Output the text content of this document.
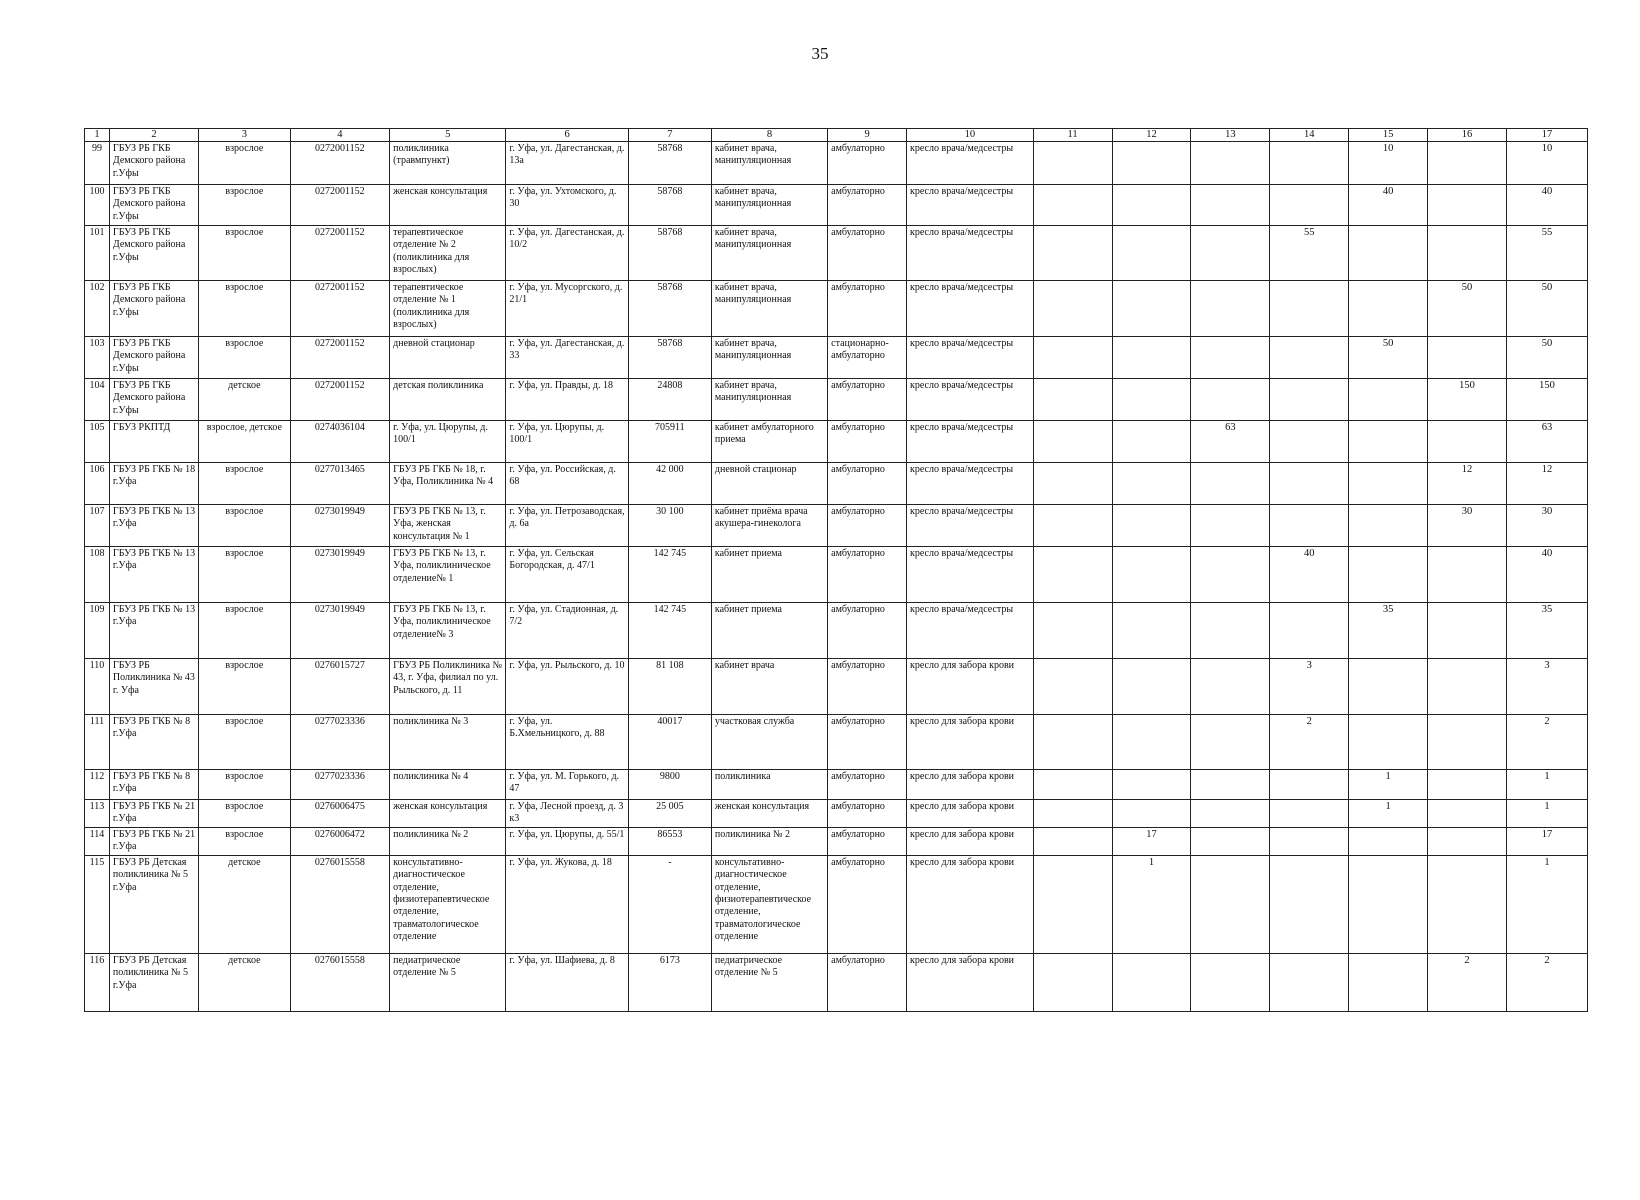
35
1	2	3	4	5	6	7	8	9	10	11	12	13	14	15	16	17
99	ГБУЗ РБ ГКБ Демского района г.Уфы	взрослое	0272001152	поликлиника (травмпункт)	г. Уфа, ул. Дагестанская, д. 13а	58768	кабинет врача, манипуляционная	амбулаторно	кресло врача/медсестры					10		10
100	ГБУЗ РБ ГКБ Демского района г.Уфы	взрослое	0272001152	женская консультация	г. Уфа, ул. Ухтомского, д. 30	58768	кабинет врача, манипуляционная	амбулаторно	кресло врача/медсестры					40		40
101	ГБУЗ РБ ГКБ Демского района г.Уфы	взрослое	0272001152	терапевтическое отделение № 2 (поликлиника для взрослых)	г. Уфа, ул. Дагестанская, д. 10/2	58768	кабинет врача, манипуляционная	амбулаторно	кресло врача/медсестры				55			55
102	ГБУЗ РБ ГКБ Демского района г.Уфы	взрослое	0272001152	терапевтическое отделение № 1 (поликлиника для взрослых)	г. Уфа, ул. Мусоргского, д. 21/1	58768	кабинет врача, манипуляционная	амбулаторно	кресло врача/медсестры						50	50
103	ГБУЗ РБ ГКБ Демского района г.Уфы	взрослое	0272001152	дневной стационар	г. Уфа, ул. Дагестанская, д. 33	58768	кабинет врача, манипуляционная	стационарно-амбулаторно	кресло врача/медсестры					50		50
104	ГБУЗ РБ ГКБ Демского района г.Уфы	детское	0272001152	детская поликлиника	г. Уфа, ул. Правды, д. 18	24808	кабинет врача, манипуляционная	амбулаторно	кресло врача/медсестры						150	150
105	ГБУЗ РКПТД	взрослое, детское	0274036104	г. Уфа, ул. Цюрупы, д. 100/1	г. Уфа, ул. Цюрупы, д. 100/1	705911	кабинет амбулаторного приема	амбулаторно	кресло врача/медсестры			63				63
106	ГБУЗ РБ ГКБ № 18 г.Уфа	взрослое	0277013465	ГБУЗ РБ ГКБ № 18, г. Уфа, Поликлиника № 4	г. Уфа, ул. Российская, д. 68	42 000	дневной стационар	амбулаторно	кресло врача/медсестры						12	12
107	ГБУЗ РБ ГКБ № 13 г.Уфа	взрослое	0273019949	ГБУЗ РБ ГКБ № 13, г. Уфа, женская консультация № 1	г. Уфа, ул. Петрозаводская, д. 6а	30 100	кабинет приёма врача акушера-гинеколога	амбулаторно	кресло врача/медсестры						30	30
108	ГБУЗ РБ ГКБ № 13 г.Уфа	взрослое	0273019949	ГБУЗ РБ ГКБ № 13, г. Уфа, поликлиническое отделение№ 1	г. Уфа, ул. Сельская Богородская, д. 47/1	142 745	кабинет приема	амбулаторно	кресло врача/медсестры				40			40
109	ГБУЗ РБ ГКБ № 13 г.Уфа	взрослое	0273019949	ГБУЗ РБ ГКБ № 13, г. Уфа, поликлиническое отделение№ 3	г. Уфа, ул. Стадионная, д. 7/2	142 745	кабинет приема	амбулаторно	кресло врача/медсестры					35		35
110	ГБУЗ РБ Поликлиника № 43 г. Уфа	взрослое	0276015727	ГБУЗ РБ Поликлиника № 43, г. Уфа, филиал по ул. Рыльского, д. 11	г. Уфа, ул. Рыльского, д. 10	81 108	кабинет врача	амбулаторно	кресло для забора крови				3			3
111	ГБУЗ РБ ГКБ № 8 г.Уфа	взрослое	0277023336	поликлиника № 3	г. Уфа, ул. Б.Хмельницкого, д. 88	40017	участковая служба	амбулаторно	кресло для забора крови				2			2
112	ГБУЗ РБ ГКБ № 8 г.Уфа	взрослое	0277023336	поликлиника № 4	г. Уфа, ул. М. Горького, д. 47	9800	поликлиника	амбулаторно	кресло для забора крови					1		1
113	ГБУЗ РБ ГКБ № 21 г.Уфа	взрослое	0276006475	женская консультация	г. Уфа, Лесной проезд, д. 3 к3	25 005	женская консультация	амбулаторно	кресло для забора крови					1		1
114	ГБУЗ РБ ГКБ № 21 г.Уфа	взрослое	0276006472	поликлиника № 2	г. Уфа, ул. Цюрупы, д. 55/1	86553	поликлиника № 2	амбулаторно	кресло для забора крови		17					17
115	ГБУЗ РБ Детская поликлиника № 5 г.Уфа	детское	0276015558	консультативно-диагностическое отделение, физиотерапевтическое отделение, травматологическое отделение	г. Уфа, ул. Жукова, д. 18	-	консультативно-диагностическое отделение, физиотерапевтическое отделение, травматологическое отделение	амбулаторно	кресло для забора крови		1					1
116	ГБУЗ РБ Детская поликлиника № 5 г.Уфа	детское	0276015558	педиатрическое отделение № 5	г. Уфа, ул. Шафиева, д. 8	6173	педиатрическое отделение № 5	амбулаторно	кресло для забора крови						2	2
